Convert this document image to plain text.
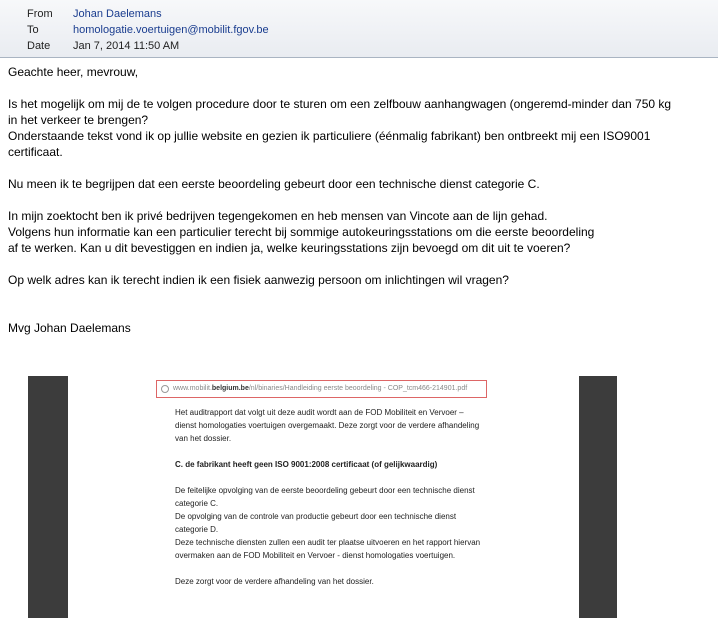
From Johan Daelemans
To	homologatie.voertuigen@mobilit.fgov.be
Date Jan 7, 2014 11:50 AM
Geachte heer, mevrouw,
Is het mogelijk om mij de te volgen procedure door te sturen om een zelfbouw aanhangwagen (ongeremd-minder dan 750 kg
in het verkeer te brengen?
Onderstaande tekst vond ik op jullie website en gezien ik particuliere (éénmalig fabrikant) ben ontbreekt mij een ISO9001
certificaat.
Nu meen ik te begrijpen dat een eerste beoordeling gebeurt door een technische dienst categorie C.
In mijn zoektocht ben ik privé bedrijven tegengekomen en heb mensen van Vincote aan de lijn gehad.
Volgens hun informatie kan een particulier terecht bij sommige autokeuringsstations om die eerste beoordeling
af te werken. Kan u dit bevestiggen en indien ja, welke keuringsstations zijn bevoegd om dit uit te voeren?
Op welk adres kan ik terecht indien ik een fisiek aanwezig persoon om inlichtingen wil vragen?
Mvg Johan Daelemans
www.mobilit.belgium.be/nl/binaries/Handleiding eerste beoordeling - COP_tcm466-214901.pdf
Het auditrapport dat volgt uit deze audit wordt aan de FOD Mobiliteit en Vervoer –
dienst homologaties voertuigen overgemaakt. Deze zorgt voor de verdere afhandeling
van het dossier.
C. de fabrikant heeft geen ISO 9001:2008 certificaat (of gelijkwaardig)
De feitelijke opvolging van de eerste beoordeling gebeurt door een technische dienst
categorie C.
De opvolging van de controle van productie gebeurt door een technische dienst
categorie D.
Deze technische diensten zullen een audit ter plaatse uitvoeren en het rapport hiervan
overmaken aan de FOD Mobiliteit en Vervoer - dienst homologaties voertuigen.
Deze zorgt voor de verdere afhandeling van het dossier.
